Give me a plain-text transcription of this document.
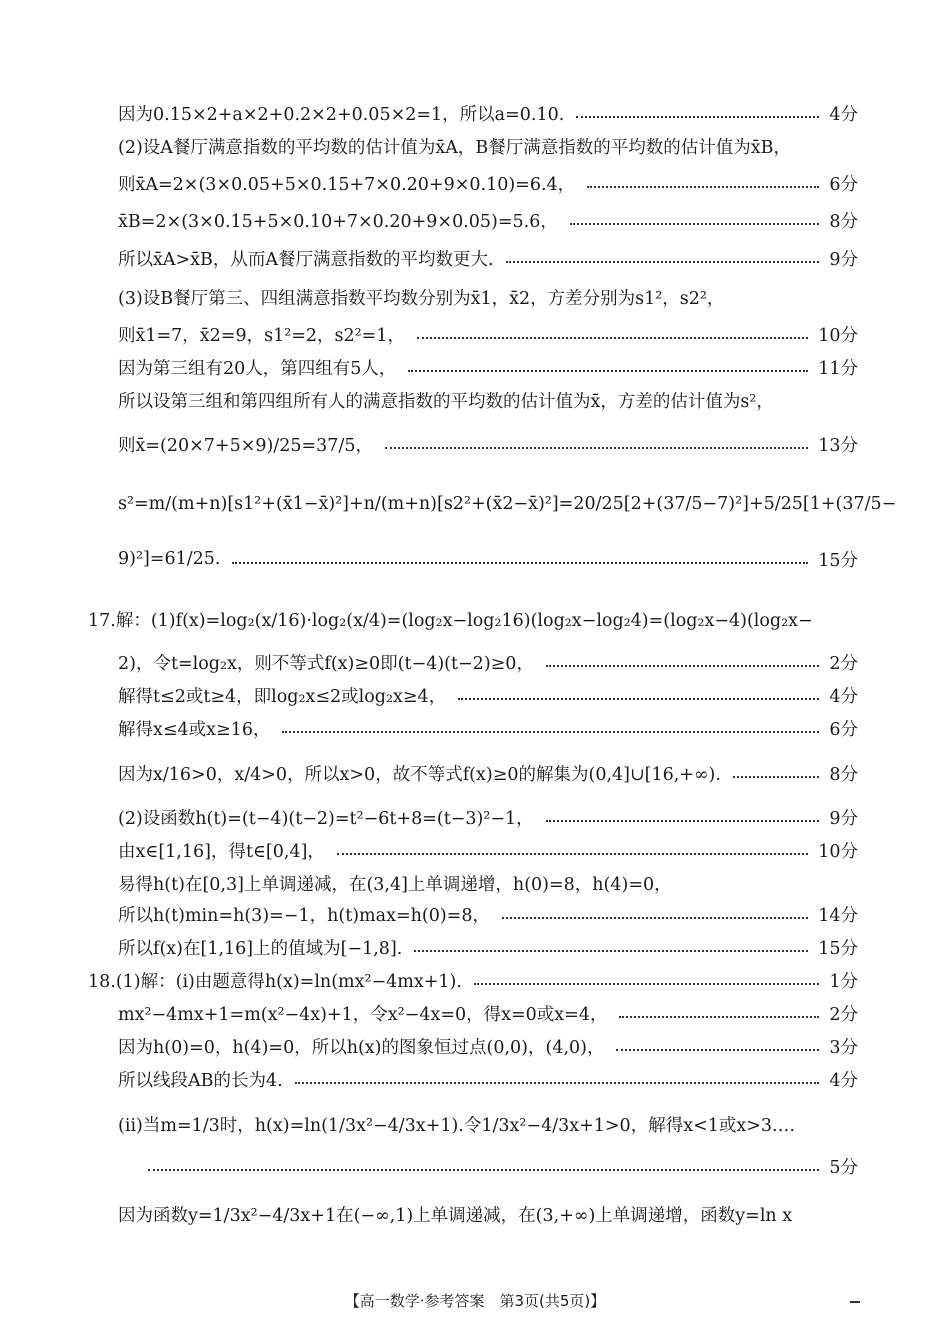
因为0.15×2+a×2+0.2×2+0.05×2=1，所以a=0.10.	4分
(2)设A餐厅满意指数的平均数的估计值为x̄A，B餐厅满意指数的平均数的估计值为x̄B，
则x̄A=2×(3×0.05+5×0.15+7×0.20+9×0.10)=6.4，	6分
x̄B=2×(3×0.15+5×0.10+7×0.20+9×0.05)=5.6，	8分
所以x̄A>x̄B，从而A餐厅满意指数的平均数更大.	9分
(3)设B餐厅第三、四组满意指数平均数分别为x̄1，x̄2，方差分别为s1²，s2²，
则x̄1=7，x̄2=9，s1²=2，s2²=1，	10分
因为第三组有20人，第四组有5人，	11分
所以设第三组和第四组所有人的满意指数的平均数的估计值为x̄，方差的估计值为s²，
则x̄=(20×7+5×9)/25=37/5，	13分
s²=m/(m+n)[s1²+(x̄1−x̄)²]+n/(m+n)[s2²+(x̄2−x̄)²]=20/25[2+(37/5−7)²]+5/25[1+(37/5−
9)²]=61/25.	15分
17.解：(1)f(x)=log₂(x/16)·log₂(x/4)=(log₂x−log₂16)(log₂x−log₂4)=(log₂x−4)(log₂x−
2)，令t=log₂x，则不等式f(x)≥0即(t−4)(t−2)≥0，	2分
解得t≤2或t≥4，即log₂x≤2或log₂x≥4，	4分
解得x≤4或x≥16，	6分
因为x/16>0，x/4>0，所以x>0，故不等式f(x)≥0的解集为(0,4]∪[16,+∞).	8分
(2)设函数h(t)=(t−4)(t−2)=t²−6t+8=(t−3)²−1，	9分
由x∈[1,16]，得t∈[0,4]，	10分
易得h(t)在[0,3]上单调递减，在(3,4]上单调递增，h(0)=8，h(4)=0，
所以h(t)min=h(3)=−1，h(t)max=h(0)=8，	14分
所以f(x)在[1,16]上的值域为[−1,8].	15分
18.(1)解：(ⅰ)由题意得h(x)=ln(mx²−4mx+1).	1分
mx²−4mx+1=m(x²−4x)+1，令x²−4x=0，得x=0或x=4，	2分
因为h(0)=0，h(4)=0，所以h(x)的图象恒过点(0,0)，(4,0)，	3分
所以线段AB的长为4.	4分
(ⅱ)当m=1/3时，h(x)=ln(1/3x²−4/3x+1).令1/3x²−4/3x+1>0，解得x<1或x>3.…
5分
因为函数y=1/3x²−4/3x+1在(−∞,1)上单调递减，在(3,+∞)上单调递增，函数y=ln x
【高一数学·参考答案　第3页(共5页)】
